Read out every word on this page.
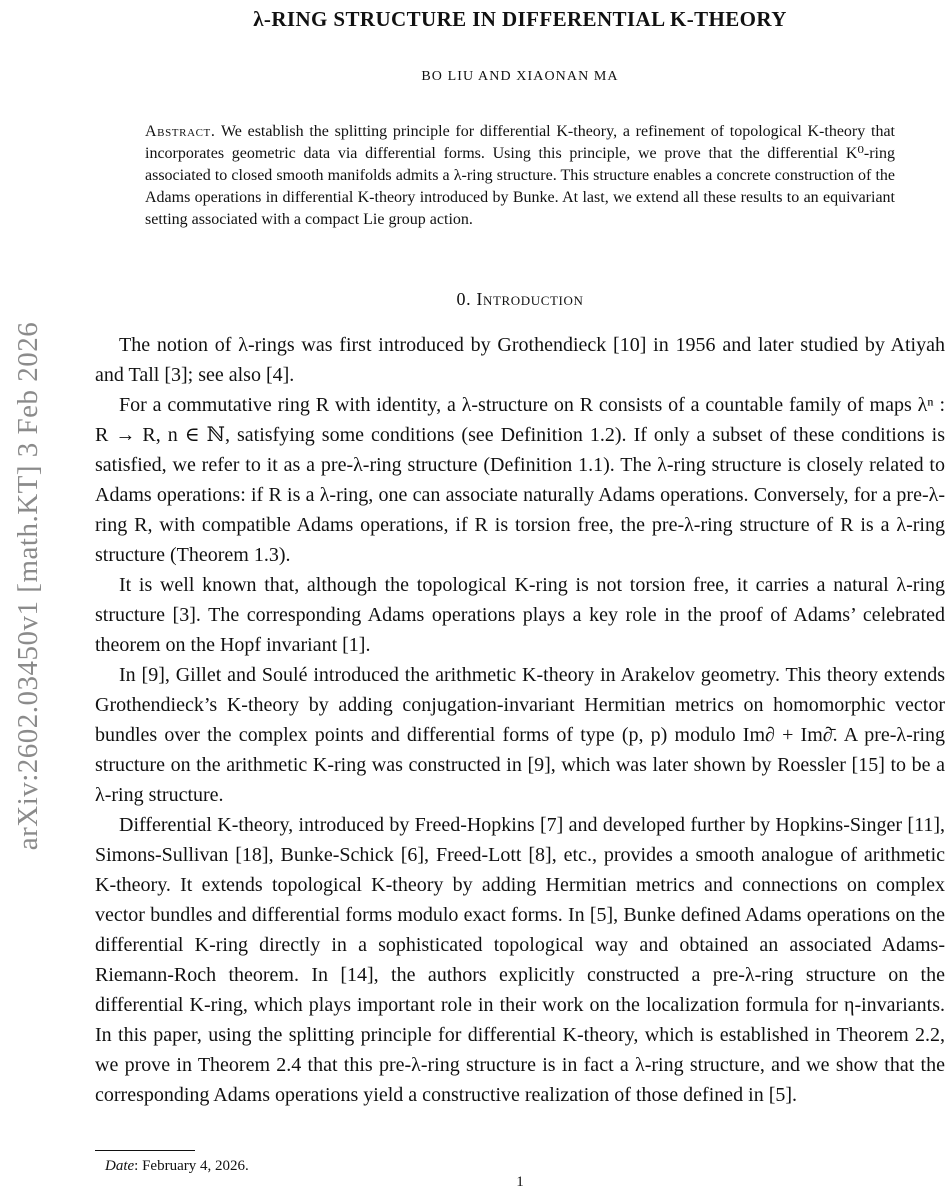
arXiv:2602.03450v1 [math.KT] 3 Feb 2026
λ-RING STRUCTURE IN DIFFERENTIAL K-THEORY
BO LIU AND XIAONAN MA
Abstract. We establish the splitting principle for differential K-theory, a refinement of topological K-theory that incorporates geometric data via differential forms. Using this principle, we prove that the differential K⁰-ring associated to closed smooth manifolds admits a λ-ring structure. This structure enables a concrete construction of the Adams operations in differential K-theory introduced by Bunke. At last, we extend all these results to an equivariant setting associated with a compact Lie group action.
0. Introduction

The notion of λ-rings was first introduced by Grothendieck [10] in 1956 and later studied by Atiyah and Tall [3]; see also [4].

For a commutative ring R with identity, a λ-structure on R consists of a countable family of maps λⁿ : R → R, n ∈ ℕ, satisfying some conditions (see Definition 1.2). If only a subset of these conditions is satisfied, we refer to it as a pre-λ-ring structure (Definition 1.1). The λ-ring structure is closely related to Adams operations: if R is a λ-ring, one can associate naturally Adams operations. Conversely, for a pre-λ-ring R, with compatible Adams operations, if R is torsion free, the pre-λ-ring structure of R is a λ-ring structure (Theorem 1.3).

It is well known that, although the topological K-ring is not torsion free, it carries a natural λ-ring structure [3]. The corresponding Adams operations plays a key role in the proof of Adams’ celebrated theorem on the Hopf invariant [1].

In [9], Gillet and Soulé introduced the arithmetic K-theory in Arakelov geometry. This theory extends Grothendieck’s K-theory by adding conjugation-invariant Hermitian metrics on homomorphic vector bundles over the complex points and differential forms of type (p, p) modulo Im∂ + Im∂̄. A pre-λ-ring structure on the arithmetic K-ring was constructed in [9], which was later shown by Roessler [15] to be a λ-ring structure.

Differential K-theory, introduced by Freed-Hopkins [7] and developed further by Hopkins-Singer [11], Simons-Sullivan [18], Bunke-Schick [6], Freed-Lott [8], etc., provides a smooth analogue of arithmetic K-theory. It extends topological K-theory by adding Hermitian metrics and connections on complex vector bundles and differential forms modulo exact forms. In [5], Bunke defined Adams operations on the differential K-ring directly in a sophisticated topological way and obtained an associated Adams-Riemann-Roch theorem. In [14], the authors explicitly constructed a pre-λ-ring structure on the differential K-ring, which plays important role in their work on the localization formula for η-invariants. In this paper, using the splitting principle for differential K-theory, which is established in Theorem 2.2, we prove in Theorem 2.4 that this pre-λ-ring structure is in fact a λ-ring structure, and we show that the corresponding Adams operations yield a constructive realization of those defined in [5].

Date: February 4, 2026.
1
